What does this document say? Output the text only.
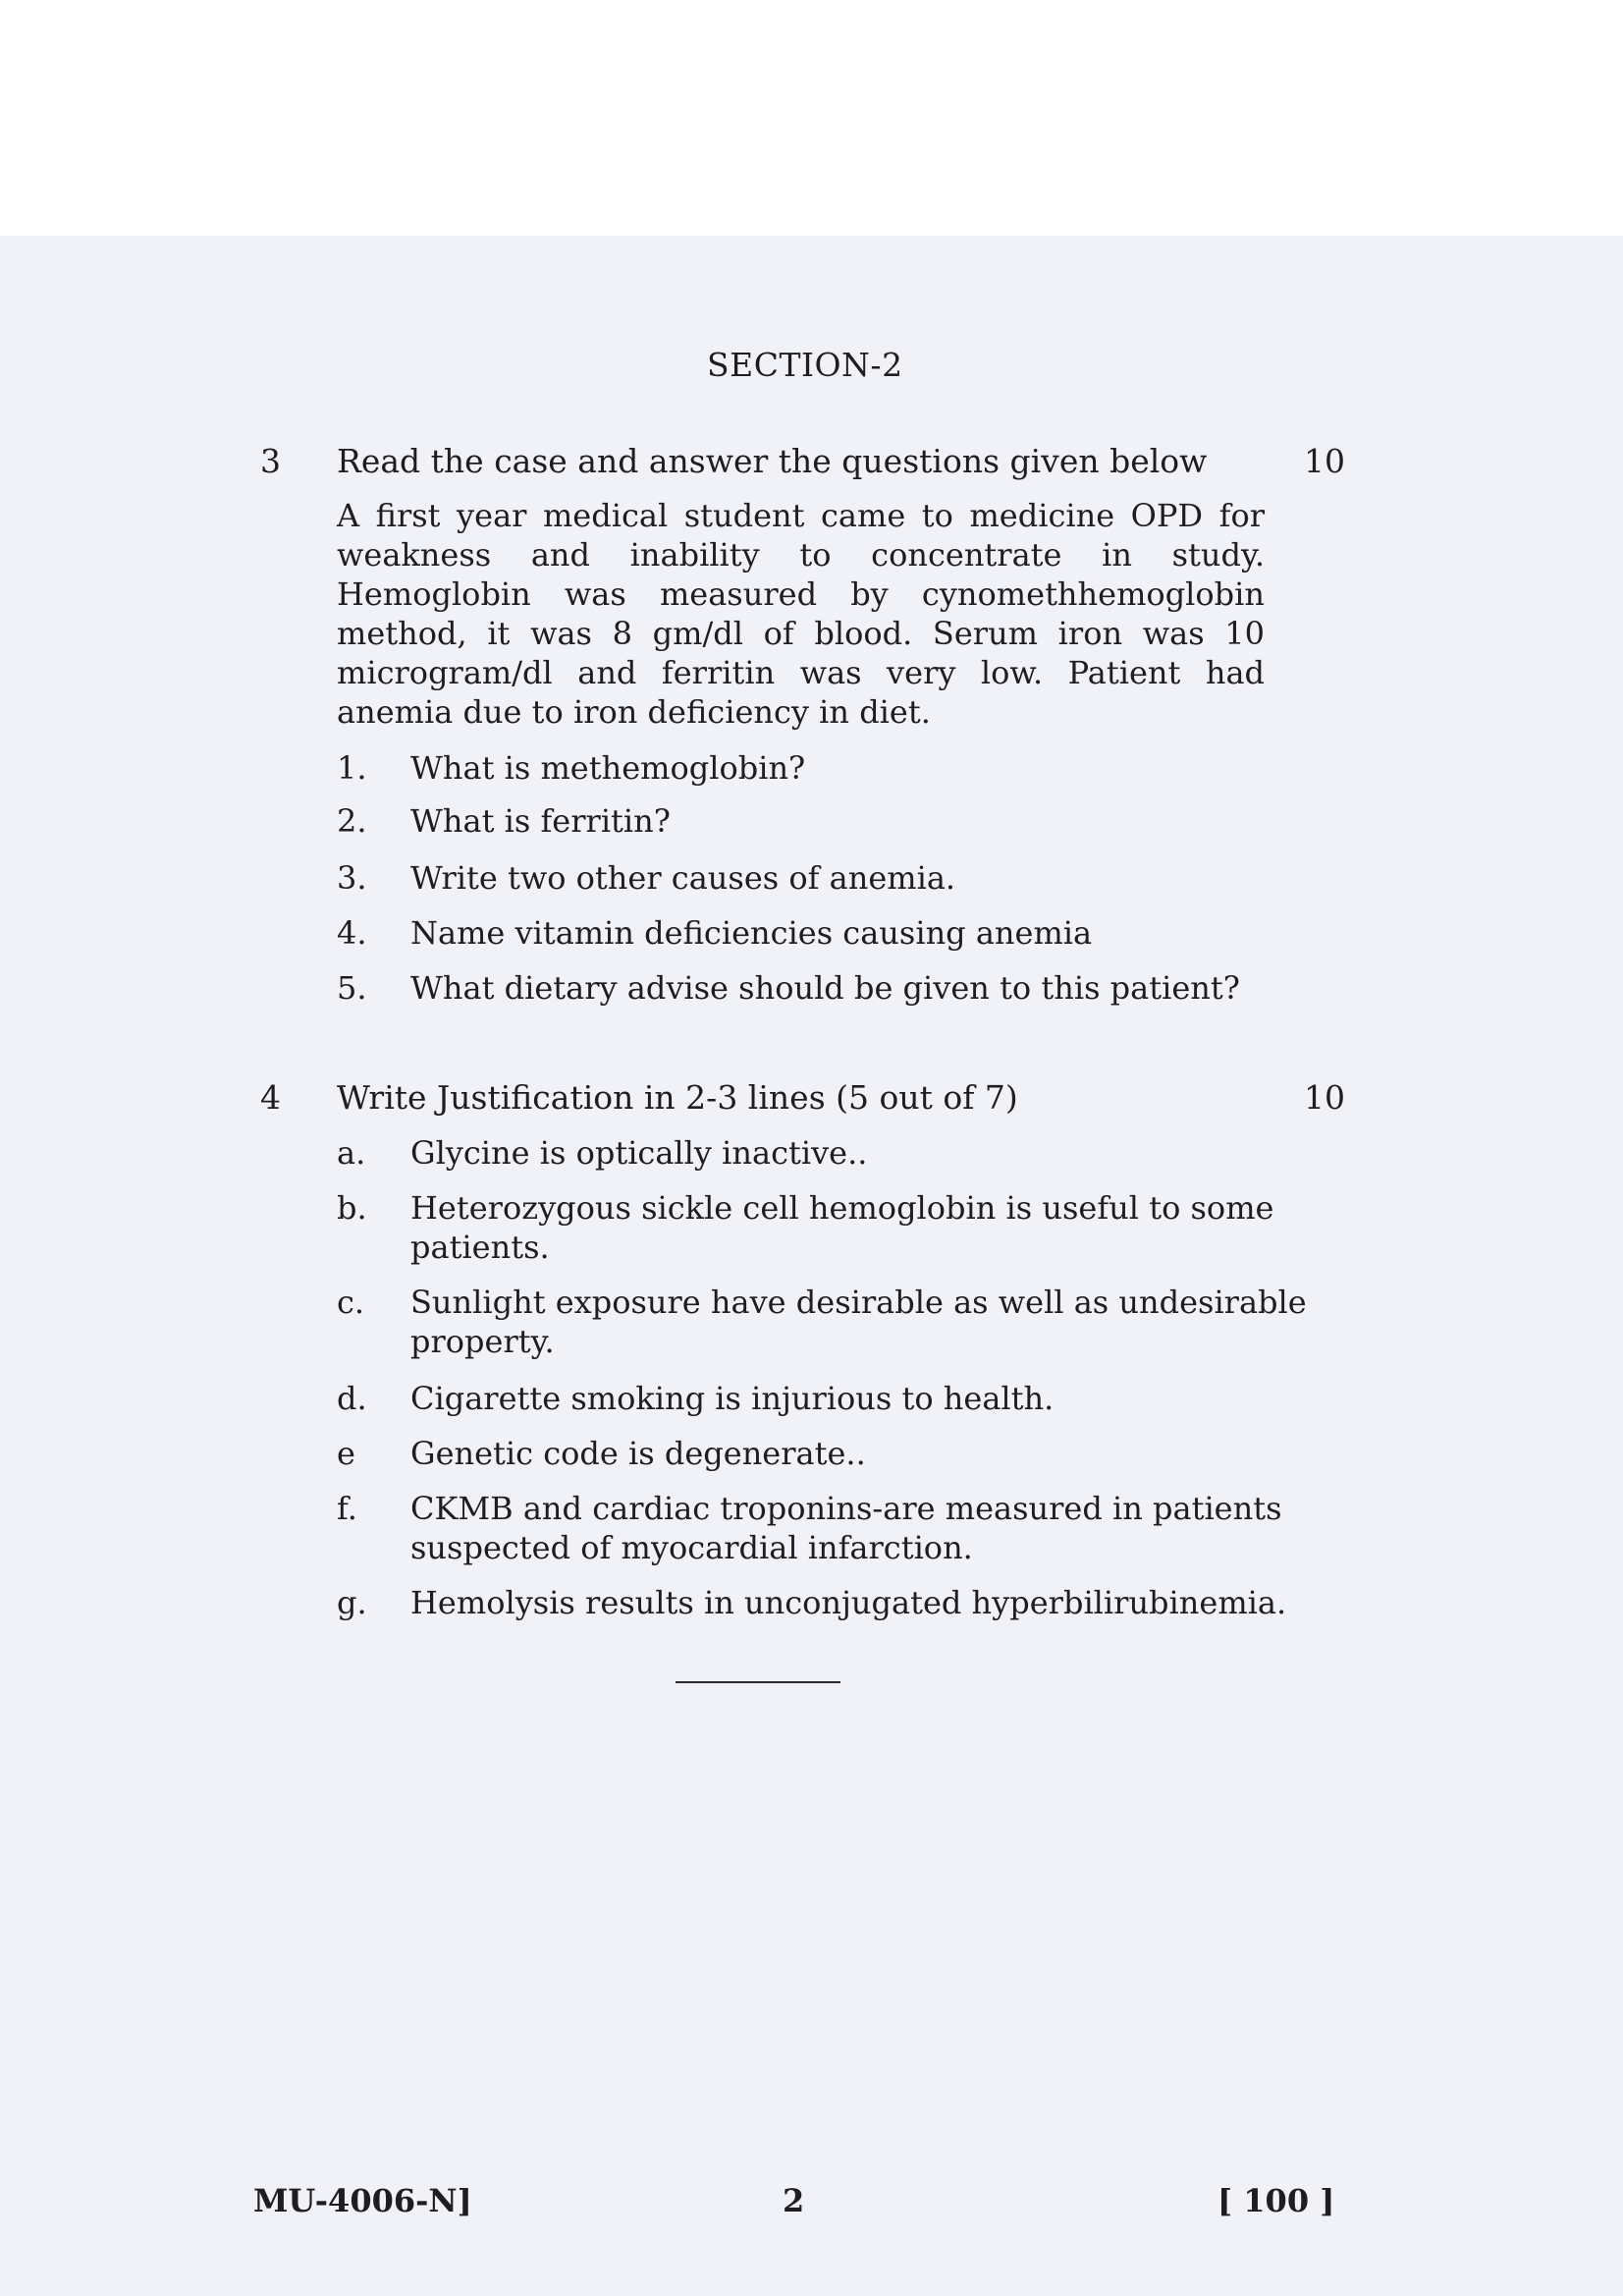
SECTION-2
3 Read the case and answer the questions given below	10
A first year medical student came to medicine OPD for weakness and inability to concentrate in study. Hemoglobin was measured by cynomethhemoglobin method, it was 8 gm/dl of blood. Serum iron was 10 microgram/dl and ferritin was very low. Patient had anemia due to iron deficiency in diet.
1.	What is methemoglobin?
2.	What is ferritin?
3.	Write two other causes of anemia.
4.	Name vitamin deficiencies causing anemia
5.	What dietary advise should be given to this patient?
4 Write Justification in 2-3 lines (5 out of 7)	10
a.	Glycine is optically inactive..
b.	Heterozygous sickle cell hemoglobin is useful to some patients.
c.	Sunlight exposure have desirable as well as undesirable property.
d.	Cigarette smoking is injurious to health.
e	Genetic code is degenerate..
f.	CKMB and cardiac troponins-are measured in patients suspected of myocardial infarction.
g.	Hemolysis results in unconjugated hyperbilirubinemia.
MU-4006-N]	2	[ 100 ]
